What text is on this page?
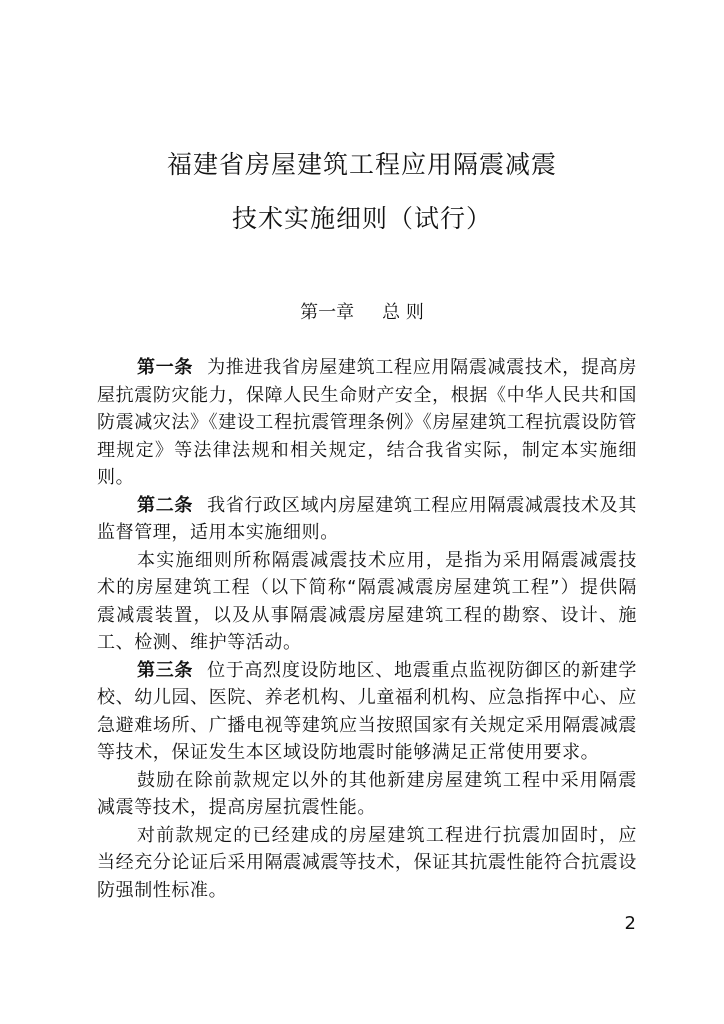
福建省房屋建筑工程应用隔震减震
技术实施细则（试行）
第一章 总 则

第一条 为推进我省房屋建筑工程应用隔震减震技术，提高房屋抗震防灾能力，保障人民生命财产安全，根据《中华人民共和国防震减灾法》《建设工程抗震管理条例》《房屋建筑工程抗震设防管理规定》等法律法规和相关规定，结合我省实际，制定本实施细则。

第二条 我省行政区域内房屋建筑工程应用隔震减震技术及其监督管理，适用本实施细则。

本实施细则所称隔震减震技术应用，是指为采用隔震减震技术的房屋建筑工程（以下简称“隔震减震房屋建筑工程”）提供隔震减震装置，以及从事隔震减震房屋建筑工程的勘察、设计、施工、检测、维护等活动。

第三条 位于高烈度设防地区、地震重点监视防御区的新建学校、幼儿园、医院、养老机构、儿童福利机构、应急指挥中心、应急避难场所、广播电视等建筑应当按照国家有关规定采用隔震减震等技术，保证发生本区域设防地震时能够满足正常使用要求。

鼓励在除前款规定以外的其他新建房屋建筑工程中采用隔震减震等技术，提高房屋抗震性能。

对前款规定的已经建成的房屋建筑工程进行抗震加固时，应当经充分论证后采用隔震减震等技术，保证其抗震性能符合抗震设防强制性标准。

2
